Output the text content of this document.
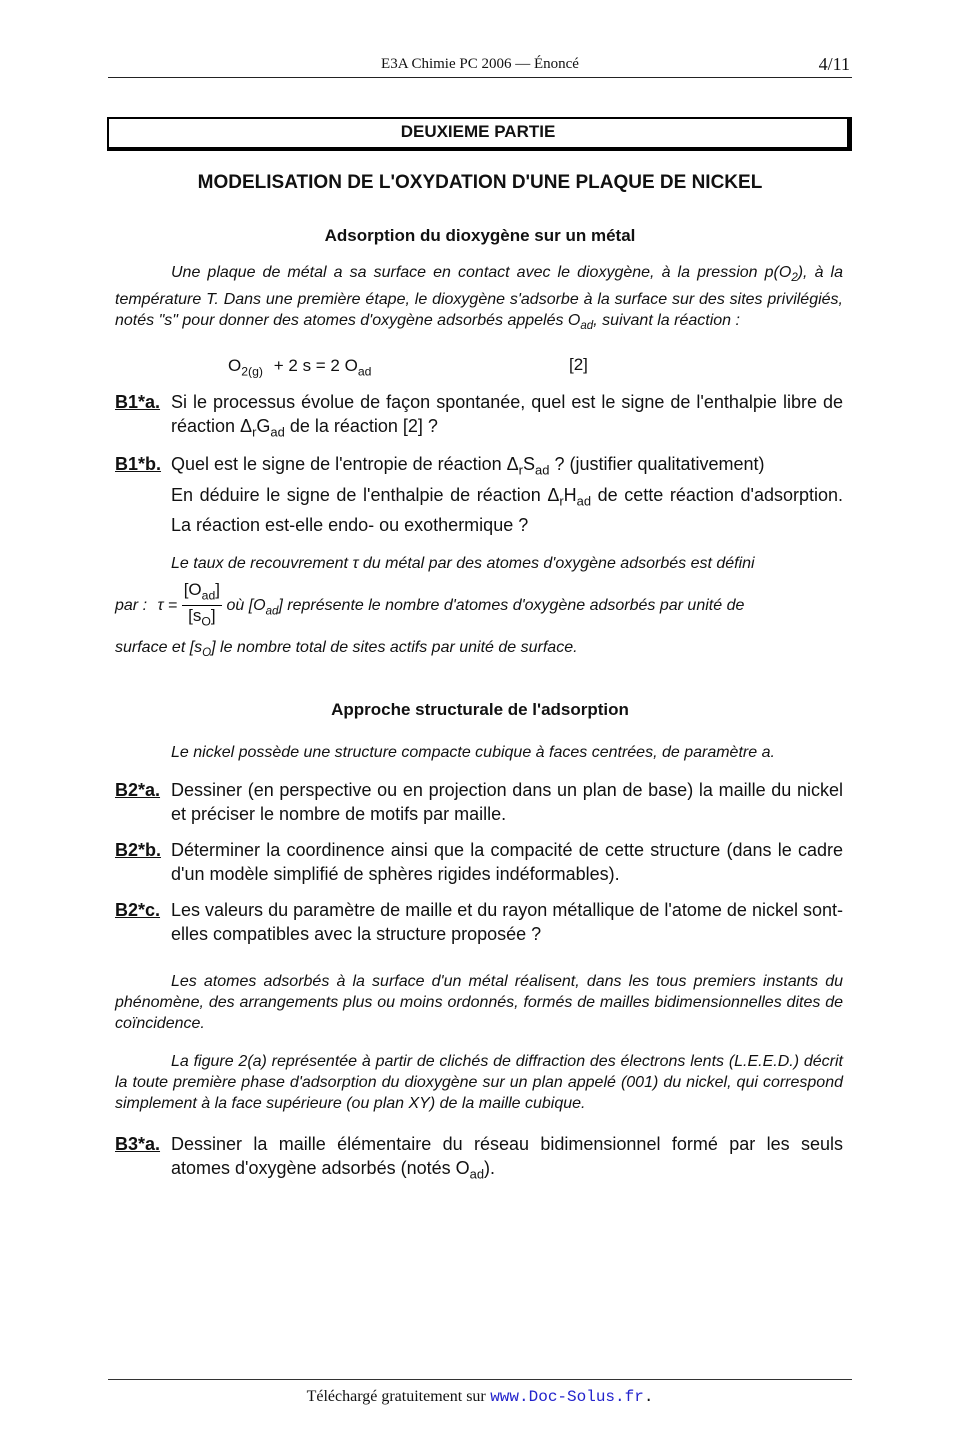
E3A Chimie PC 2006 — Énoncé	4/11
DEUXIEME PARTIE
MODELISATION DE L'OXYDATION D'UNE PLAQUE DE NICKEL
Adsorption du dioxygène sur un métal
Une plaque de métal a sa surface en contact avec le dioxygène, à la pression $p(O_2)$, à la température T. Dans une première étape, le dioxygène s'adsorbe à la surface sur des sites privilégiés, notés "s" pour donner des atomes d'oxygène adsorbés appelés $O_{ad}$, suivant la réaction :
$O_{2(g)} + 2$ s = 2 $O_{ad}$	[2]
B1*a. Si le processus évolue de façon spontanée, quel est le signe de l'enthalpie libre de réaction $\Delta_rG_{ad}$ de la réaction [2] ?
B1*b. Quel est le signe de l'entropie de réaction $\Delta_rS_{ad}$ ? (justifier qualitativement)
En déduire le signe de l'enthalpie de réaction $\Delta_rH_{ad}$ de cette réaction d'adsorption. La réaction est-elle endo- ou exothermique ?
Le taux de recouvrement τ du métal par des atomes d'oxygène adsorbés est défini
par : $\tau = \frac{[O_{ad}]}{[s_O]}$ où $[O_{ad}]$ représente le nombre d'atomes d'oxygène adsorbés par unité de
surface et $[s_O]$ le nombre total de sites actifs par unité de surface.
Approche structurale de l'adsorption
Le nickel possède une structure compacte cubique à faces centrées, de paramètre a.
B2*a. Dessiner (en perspective ou en projection dans un plan de base) la maille du nickel et préciser le nombre de motifs par maille.
B2*b. Déterminer la coordinence ainsi que la compacité de cette structure (dans le cadre d'un modèle simplifié de sphères rigides indéformables).
B2*c. Les valeurs du paramètre de maille et du rayon métallique de l'atome de nickel sont-elles compatibles avec la structure proposée ?
Les atomes adsorbés à la surface d'un métal réalisent, dans les tous premiers instants du phénomène, des arrangements plus ou moins ordonnés, formés de mailles bidimensionnelles dites de coïncidence.
La figure 2(a) représentée à partir de clichés de diffraction des électrons lents (L.E.E.D.) décrit la toute première phase d'adsorption du dioxygène sur un plan appelé (001) du nickel, qui correspond simplement à la face supérieure (ou plan XY) de la maille cubique.
B3*a. Dessiner la maille élémentaire du réseau bidimensionnel formé par les seuls atomes d'oxygène adsorbés (notés $O_{ad}$).
Téléchargé gratuitement sur www.Doc-Solus.fr.
